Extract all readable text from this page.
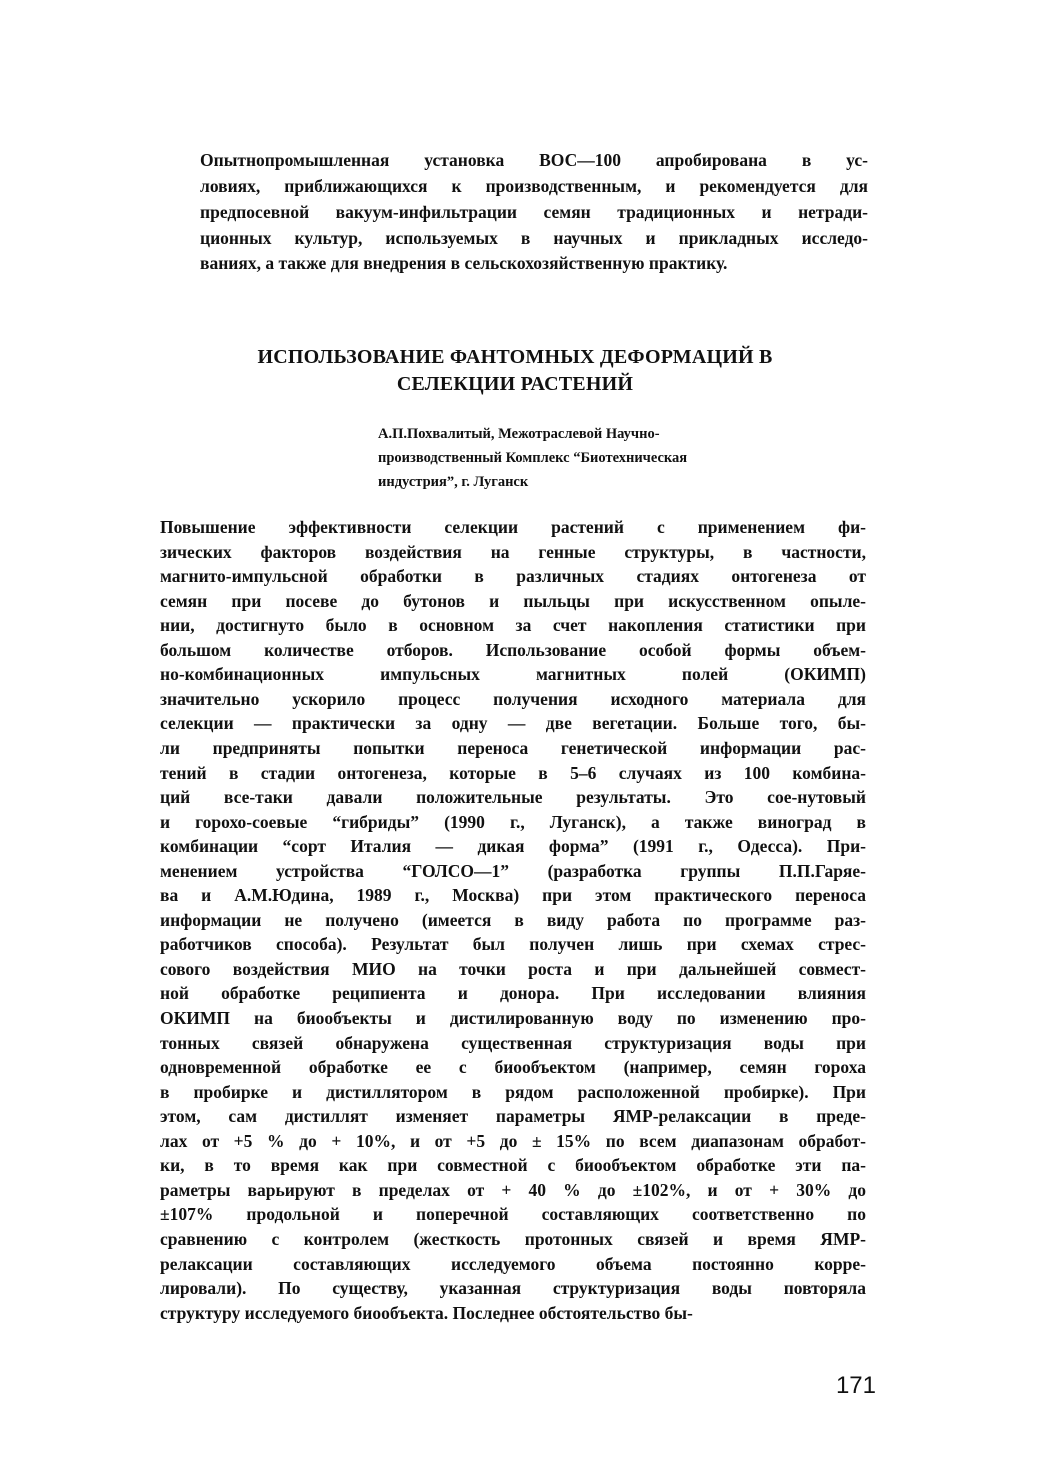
Опытнопромышленная установка ВОС—100 апробирована в ус-

ловиях, приближающихся к производственным, и рекомендуется для

предпосевной вакуум-инфильтрации семян традиционных и нетради-

ционных культур, используемых в научных и прикладных исследо-

ваниях, а также для внедрения в сельскохозяйственную практику.

ИСПОЛЬЗОВАНИЕ ФАНТОМНЫХ ДЕФОРМАЦИЙ В

СЕЛЕКЦИИ РАСТЕНИЙ

А.П.Похвалитый, Межотраслевой Научно-

производственный Комплекс “Биотехническая

индустрия”, г. Луганск

Повышение эффективности селекции растений с применением фи-

зических факторов воздействия на генные структуры, в частности,

магнито-импульсной обработки в различных стадиях онтогенеза от

семян при посеве до бутонов и пыльцы при искусственном опыле-

нии, достигнуто было в основном за счет накопления статистики при

большом количестве отборов. Использование особой формы объем-

но-комбинационных импульсных магнитных полей (ОКИМП)

значительно ускорило процесс получения исходного материала для

селекции — практически за одну — две вегетации. Больше того, бы-

ли предприняты попытки переноса генетической информации рас-

тений в стадии онтогенеза, которые в 5–6 случаях из 100 комбина-

ций все-таки давали положительные результаты. Это сое-нутовый

и горохо-соевые “гибриды” (1990 г., Луганск), а также виноград в

комбинации “сорт Италия — дикая форма” (1991 г., Одесса). При-

менением устройства “ГОЛСО—1” (разработка группы П.П.Гаряе-

ва и А.М.Юдина, 1989 г., Москва) при этом практического переноса

информации не получено (имеется в виду работа по программе раз-

работчиков способа). Результат был получен лишь при схемах стрес-

сового воздействия МИО на точки роста и при дальнейшей совмест-

ной обработке реципиента и донора. При исследовании влияния

ОКИМП на биообъекты и дистилированную воду по изменению про-

тонных связей обнаружена существенная структуризация воды при

одновременной обработке ее с биообъектом (например, семян гороха

в пробирке и дистиллятором в рядом расположенной пробирке). При

этом, сам дистиллят изменяет параметры ЯМР-релаксации в преде-

лах от +5 % до + 10%, и от +5 до ± 15% по всем диапазонам обработ-

ки, в то время как при совместной с биообъектом обработке эти па-

раметры варьируют в пределах от + 40 % до ±102%, и от + 30% до

±107% продольной и поперечной составляющих соответственно по

сравнению с контролем (жесткость протонных связей и время ЯМР-

релаксации составляющих исследуемого объема постоянно корре-

лировали). По существу, указанная структуризация воды повторяла

структуру исследуемого биообъекта. Последнее обстоятельство бы-

171
